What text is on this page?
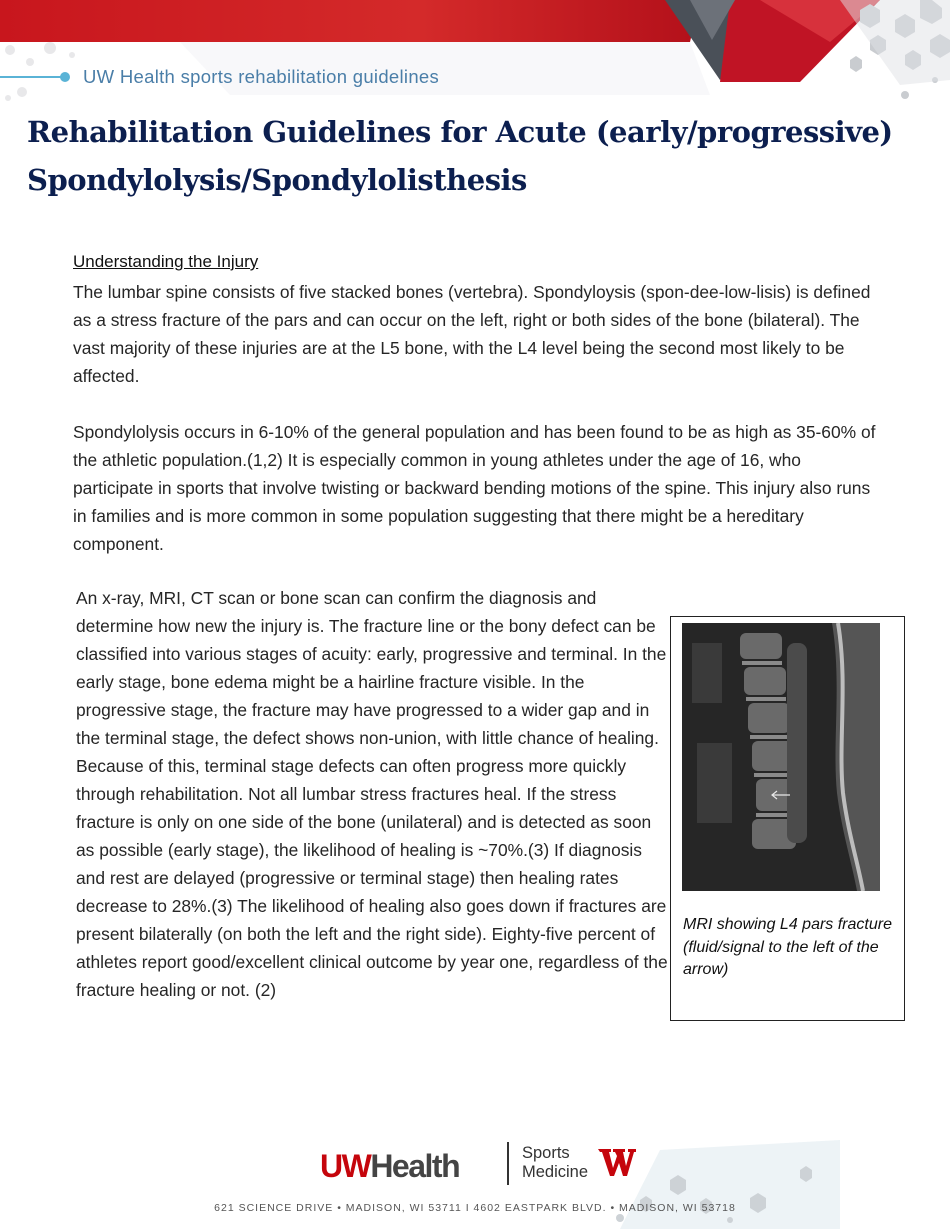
UW Health sports rehabilitation guidelines
Rehabilitation Guidelines for Acute (early/progressive)
Spondylolysis/Spondylolisthesis
Understanding the Injury

The lumbar spine consists of five stacked bones (vertebra). Spondyloysis (spon-dee-low-lisis) is defined as a stress fracture of the pars and can occur on the left, right or both sides of the bone (bilateral). The vast majority of these injuries are at the L5 bone, with the L4 level being the second most likely to be affected.

Spondylolysis occurs in 6-10% of the general population and has been found to be as high as 35-60% of the athletic population.(1,2) It is especially common in young athletes under the age of 16, who participate in sports that involve twisting or backward bending motions of the spine. This injury also runs in families and is more common in some population suggesting that there might be a hereditary component.

An x-ray, MRI, CT scan or bone scan can confirm the diagnosis and determine how new the injury is. The fracture line or the bony defect can be classified into various stages of acuity: early, progressive and terminal. In the early stage, bone edema might be a hairline fracture visible. In the progressive stage, the fracture may have progressed to a wider gap and in the terminal stage, the defect shows non-union, with little chance of healing. Because of this, terminal stage defects can often progress more quickly through rehabilitation. Not all lumbar stress fractures heal. If the stress fracture is only on one side of the bone (unilateral) and is detected as soon as possible (early stage), the likelihood of healing is ~70%.(3) If diagnosis and rest are delayed (progressive or terminal stage) then healing rates decrease to 28%.(3) The likelihood of healing also goes down if fractures are present bilaterally (on both the left and the right side). Eighty-five percent of athletes report good/excellent clinical outcome by year one, regardless of the fracture healing or not. (2)

MRI showing L4 pars fracture (fluid/signal to the left of the arrow)

UWHealth	Sports
Medicine
621 SCIENCE DRIVE • MADISON, WI 53711 I 4602 EASTPARK BLVD. • MADISON, WI 53718
